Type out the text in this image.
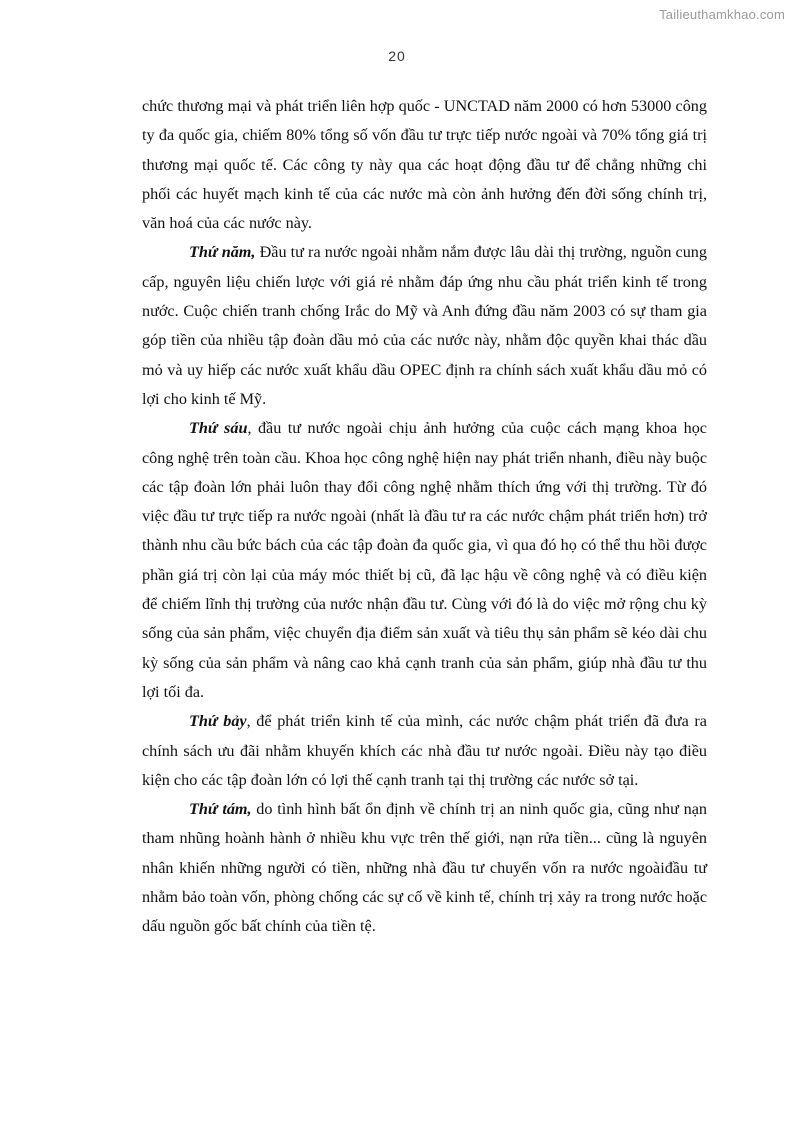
Tailieuthamkhao.com
20

chức thương mại và phát triển liên hợp quốc - UNCTAD năm 2000 có hơn 53000 công ty đa quốc gia, chiếm 80% tổng số vốn đầu tư trực tiếp nước ngoài và 70% tổng giá trị thương mại quốc tế. Các công ty này qua các hoạt động đầu tư để chẳng những chi phối các huyết mạch kinh tế của các nước mà còn ảnh hưởng đến đời sống chính trị, văn hoá của các nước này.

Thứ năm, Đầu tư ra nước ngoài nhằm nắm được lâu dài thị trường, nguồn cung cấp, nguyên liệu chiến lược với giá rẻ nhằm đáp ứng nhu cầu phát triển kinh tế trong nước. Cuộc chiến tranh chống Irắc do Mỹ và Anh đứng đầu năm 2003 có sự tham gia góp tiền của nhiều tập đoàn dầu mỏ của các nước này, nhằm độc quyền khai thác dầu mỏ và uy hiếp các nước xuất khẩu dầu OPEC định ra chính sách xuất khẩu dầu mỏ có lợi cho kinh tế Mỹ.

Thứ sáu, đầu tư nước ngoài chịu ảnh hưởng của cuộc cách mạng khoa học công nghệ trên toàn cầu. Khoa học công nghệ hiện nay phát triển nhanh, điều này buộc các tập đoàn lớn phải luôn thay đổi công nghệ nhằm thích ứng với thị trường. Từ đó việc đầu tư trực tiếp ra nước ngoài (nhất là đầu tư ra các nước chậm phát triển hơn) trở thành nhu cầu bức bách của các tập đoàn đa quốc gia, vì qua đó họ có thể thu hồi được phần giá trị còn lại của máy móc thiết bị cũ, đã lạc hậu về công nghệ và có điều kiện để chiếm lĩnh thị trường của nước nhận đầu tư. Cùng với đó là do việc mở rộng chu kỳ sống của sản phẩm, việc chuyển địa điểm sản xuất và tiêu thụ sản phẩm sẽ kéo dài chu kỳ sống của sản phẩm và nâng cao khả cạnh tranh của sản phẩm, giúp nhà đầu tư thu lợi tối đa.

Thứ bảy, để phát triển kinh tế của mình, các nước chậm phát triển đã đưa ra chính sách ưu đãi nhằm khuyến khích các nhà đầu tư nước ngoài. Điều này tạo điều kiện cho các tập đoàn lớn có lợi thế cạnh tranh tại thị trường các nước sở tại.

Thứ tám, do tình hình bất ổn định về chính trị an ninh quốc gia, cũng như nạn tham nhũng hoành hành ở nhiều khu vực trên thế giới, nạn rửa tiền... cũng là nguyên nhân khiến những người có tiền, những nhà đầu tư chuyển vốn ra nước ngoàiđầu tư nhằm bảo toàn vốn, phòng chống các sự cố về kinh tế, chính trị xảy ra trong nước hoặc dấu nguồn gốc bất chính của tiền tệ.
